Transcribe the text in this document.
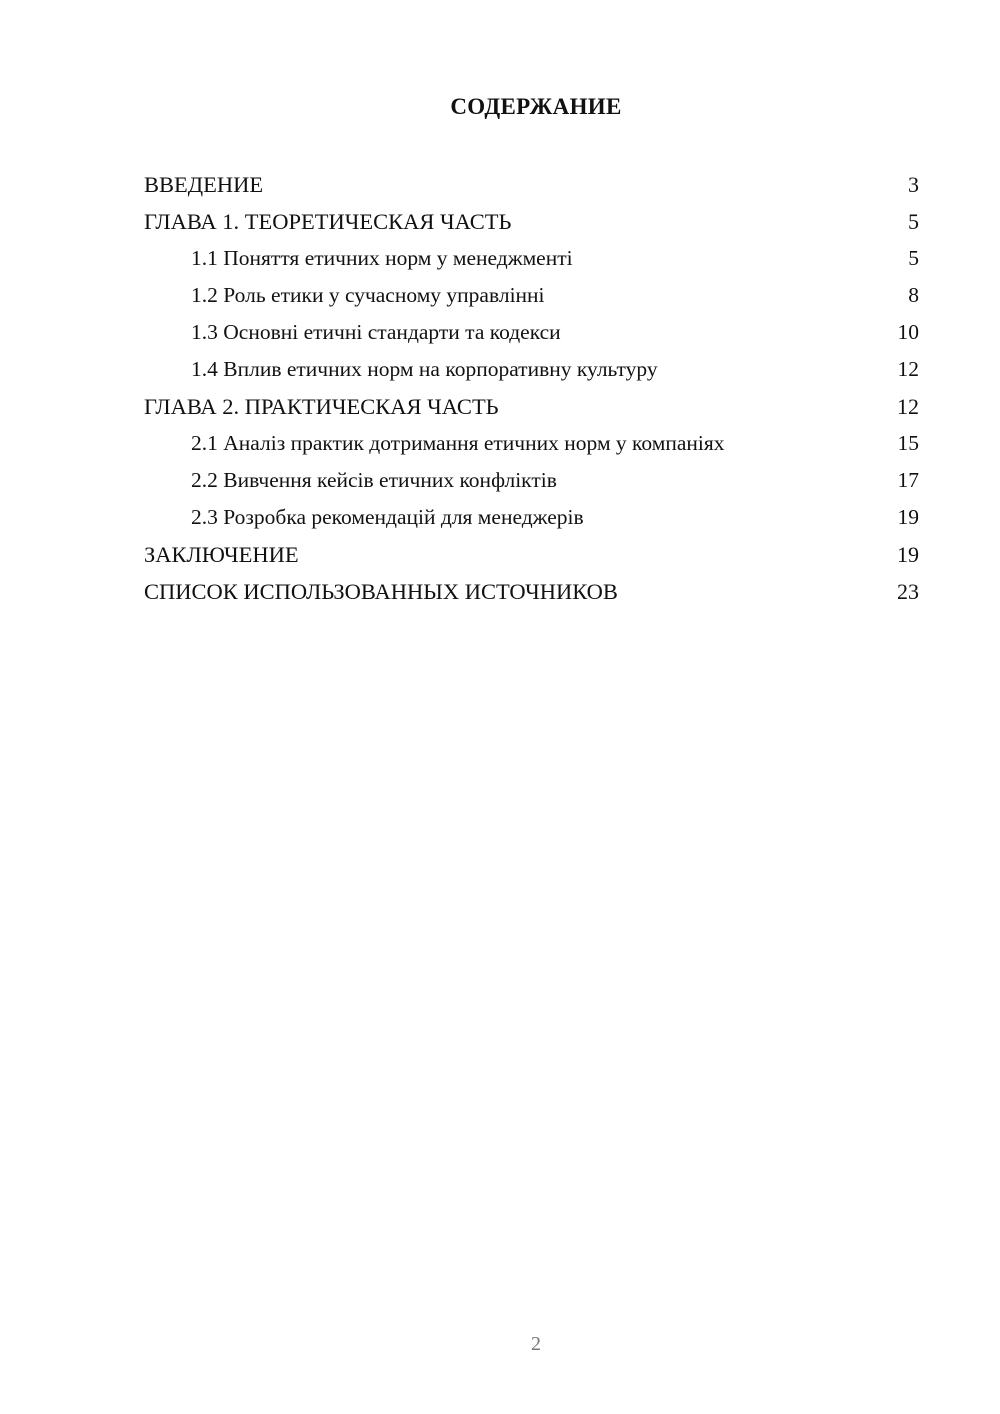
СОДЕРЖАНИЕ
ВВЕДЕНИЕ	3
ГЛАВА 1. ТЕОРЕТИЧЕСКАЯ ЧАСТЬ	5
1.1 Поняття етичних норм у менеджменті	5
1.2 Роль етики у сучасному управлінні	8
1.3 Основні етичні стандарти та кодекси	10
1.4 Вплив етичних норм на корпоративну культуру	12
ГЛАВА 2. ПРАКТИЧЕСКАЯ ЧАСТЬ	12
2.1 Аналіз практик дотримання етичних норм у компаніях	15
2.2 Вивчення кейсів етичних конфліктів	17
2.3 Розробка рекомендацій для менеджерів	19
ЗАКЛЮЧЕНИЕ	19
СПИСОК ИСПОЛЬЗОВАННЫХ ИСТОЧНИКОВ	23
2
